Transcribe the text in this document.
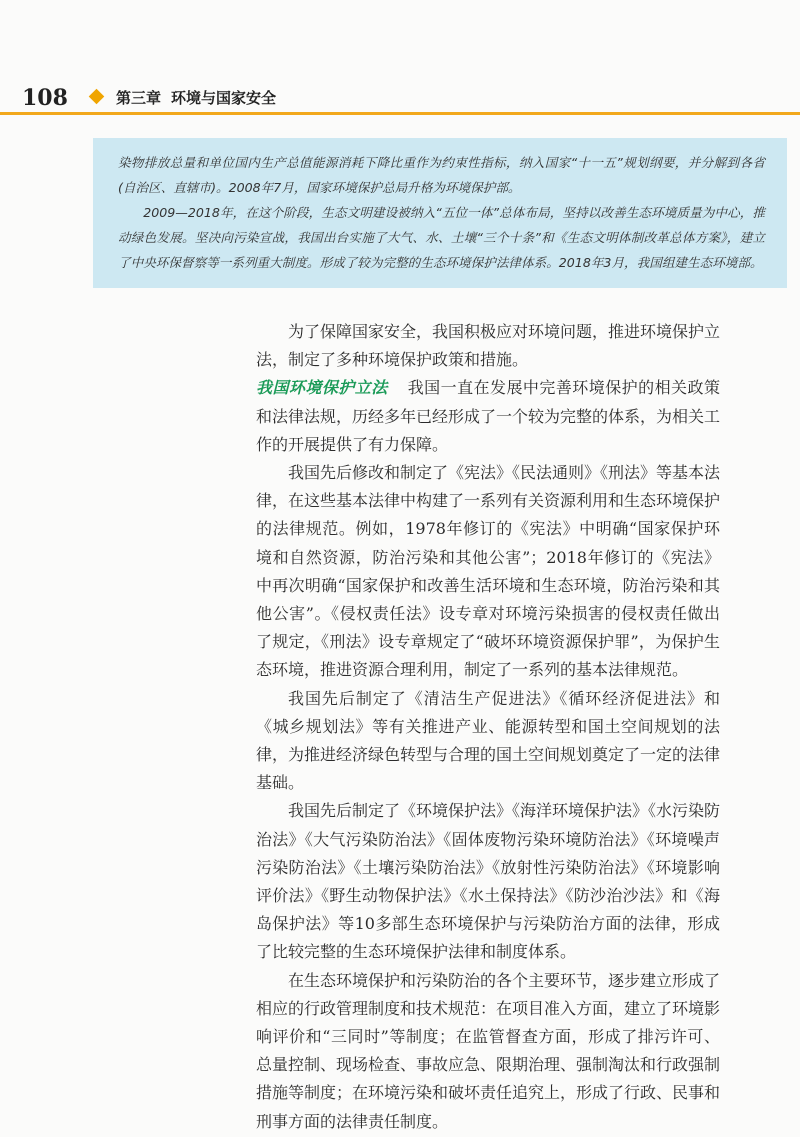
108	第三章 环境与国家安全

染物排放总量和单位国内生产总值能源消耗下降比重作为约束性指标，纳入国家“十一五”规划纲要，并分解到各省(自治区、直辖市)。2008年7月，国家环境保护总局升格为环境保护部。

2009—2018年，在这个阶段，生态文明建设被纳入“五位一体”总体布局，坚持以改善生态环境质量为中心，推动绿色发展。坚决向污染宣战，我国出台实施了大气、水、土壤“三个十条”和《生态文明体制改革总体方案》，建立了中央环保督察等一系列重大制度。形成了较为完整的生态环境保护法律体系。2018年3月，我国组建生态环境部。

为了保障国家安全，我国积极应对环境问题，推进环境保护立法，制定了多种环境保护政策和措施。

我国环境保护立法 我国一直在发展中完善环境保护的相关政策和法律法规，历经多年已经形成了一个较为完整的体系，为相关工作的开展提供了有力保障。

我国先后修改和制定了《宪法》《民法通则》《刑法》等基本法律，在这些基本法律中构建了一系列有关资源利用和生态环境保护的法律规范。例如，1978年修订的《宪法》中明确“国家保护环境和自然资源，防治污染和其他公害”；2018年修订的《宪法》中再次明确“国家保护和改善生活环境和生态环境，防治污染和其他公害”。《侵权责任法》设专章对环境污染损害的侵权责任做出了规定，《刑法》设专章规定了“破坏环境资源保护罪”，为保护生态环境，推进资源合理利用，制定了一系列的基本法律规范。

我国先后制定了《清洁生产促进法》《循环经济促进法》和《城乡规划法》等有关推进产业、能源转型和国土空间规划的法律，为推进经济绿色转型与合理的国土空间规划奠定了一定的法律基础。

我国先后制定了《环境保护法》《海洋环境保护法》《水污染防治法》《大气污染防治法》《固体废物污染环境防治法》《环境噪声污染防治法》《土壤污染防治法》《放射性污染防治法》《环境影响评价法》《野生动物保护法》《水土保持法》《防沙治沙法》和《海岛保护法》等10多部生态环境保护与污染防治方面的法律，形成了比较完整的生态环境保护法律和制度体系。

在生态环境保护和污染防治的各个主要环节，逐步建立形成了相应的行政管理制度和技术规范：在项目准入方面，建立了环境影响评价和“三同时”等制度；在监管督查方面，形成了排污许可、总量控制、现场检查、事故应急、限期治理、强制淘汰和行政强制措施等制度；在环境污染和破坏责任追究上，形成了行政、民事和刑事方面的法律责任制度。
